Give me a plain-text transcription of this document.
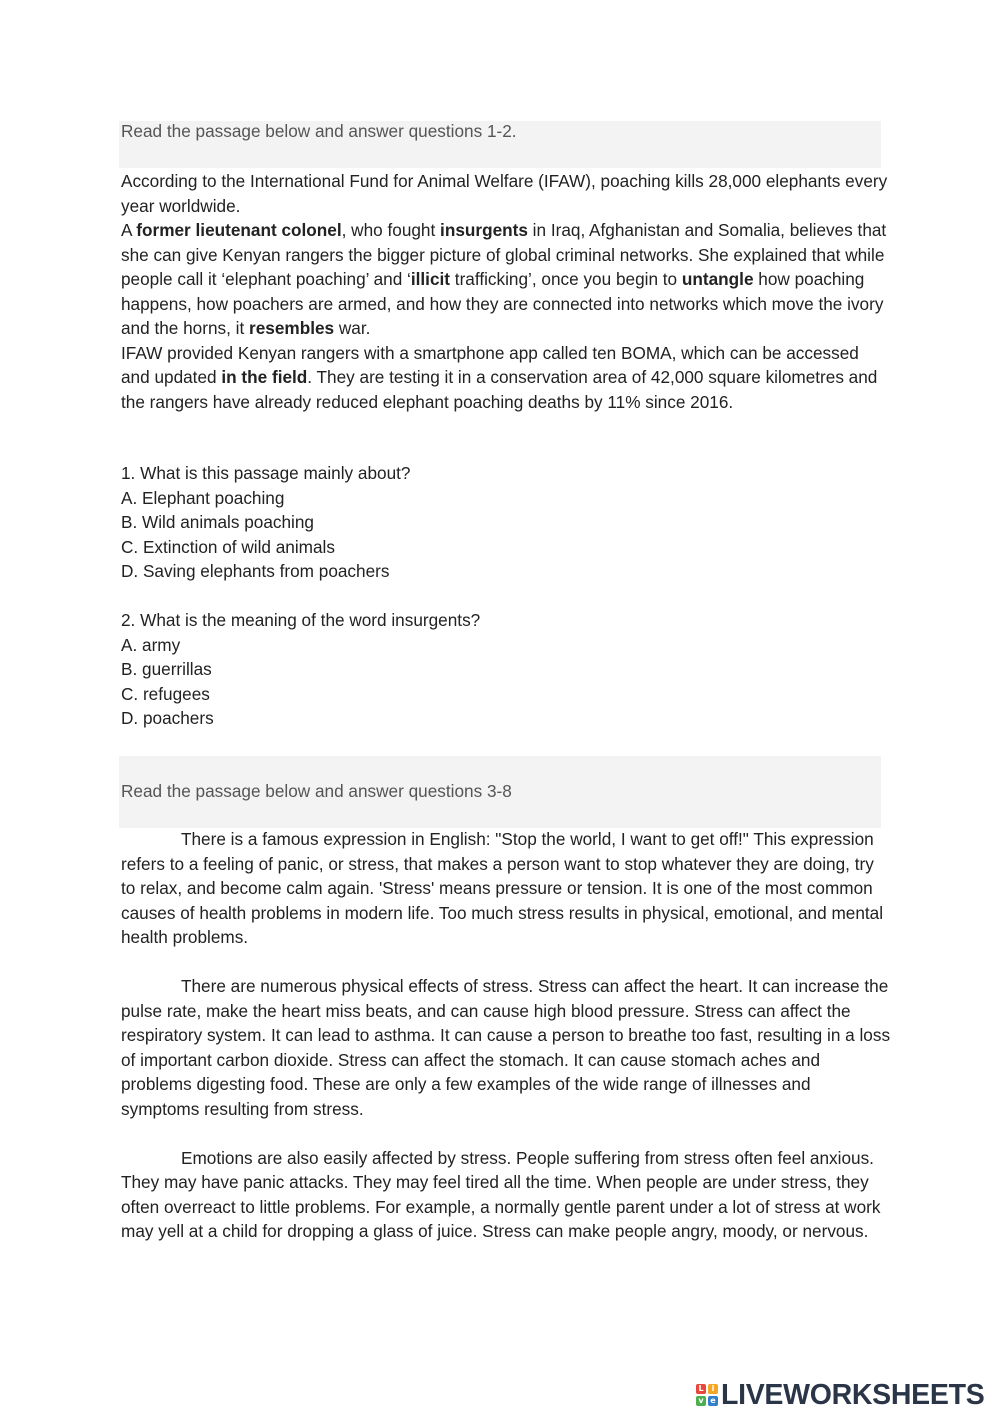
Read the passage below and answer questions 1-2.

According to the International Fund for Animal Welfare (IFAW), poaching kills 28,000 elephants every year worldwide.

A former lieutenant colonel, who fought insurgents in Iraq, Afghanistan and Somalia, believes that she can give Kenyan rangers the bigger picture of global criminal networks. She explained that while people call it ‘elephant poaching’ and ‘illicit trafficking’, once you begin to untangle how poaching happens, how poachers are armed, and how they are connected into networks which move the ivory and the horns, it resembles war.

IFAW provided Kenyan rangers with a smartphone app called ten BOMA, which can be accessed and updated in the field. They are testing it in a conservation area of 42,000 square kilometres and the rangers have already reduced elephant poaching deaths by 11% since 2016.

1. What is this passage mainly about?

A. Elephant poaching

B. Wild animals poaching

C. Extinction of wild animals

D. Saving elephants from poachers

2. What is the meaning of the word insurgents?

A. army

B. guerrillas

C. refugees

D. poachers

Read the passage below and answer questions 3-8

There is a famous expression in English: "Stop the world, I want to get off!" This expression refers to a feeling of panic, or stress, that makes a person want to stop whatever they are doing, try to relax, and become calm again. 'Stress' means pressure or tension. It is one of the most common causes of health problems in modern life. Too much stress results in physical, emotional, and mental health problems.

There are numerous physical effects of stress. Stress can affect the heart. It can increase the pulse rate, make the heart miss beats, and can cause high blood pressure. Stress can affect the respiratory system. It can lead to asthma. It can cause a person to breathe too fast, resulting in a loss of important carbon dioxide. Stress can affect the stomach. It can cause stomach aches and problems digesting food. These are only a few examples of the wide range of illnesses and symptoms resulting from stress.

Emotions are also easily affected by stress. People suffering from stress often feel anxious. They may have panic attacks. They may feel tired all the time. When people are under stress, they often overreact to little problems. For example, a normally gentle parent under a lot of stress at work may yell at a child for dropping a glass of juice. Stress can make people angry, moody, or nervous.

L	i
v e LIVEWORKSHEETS
